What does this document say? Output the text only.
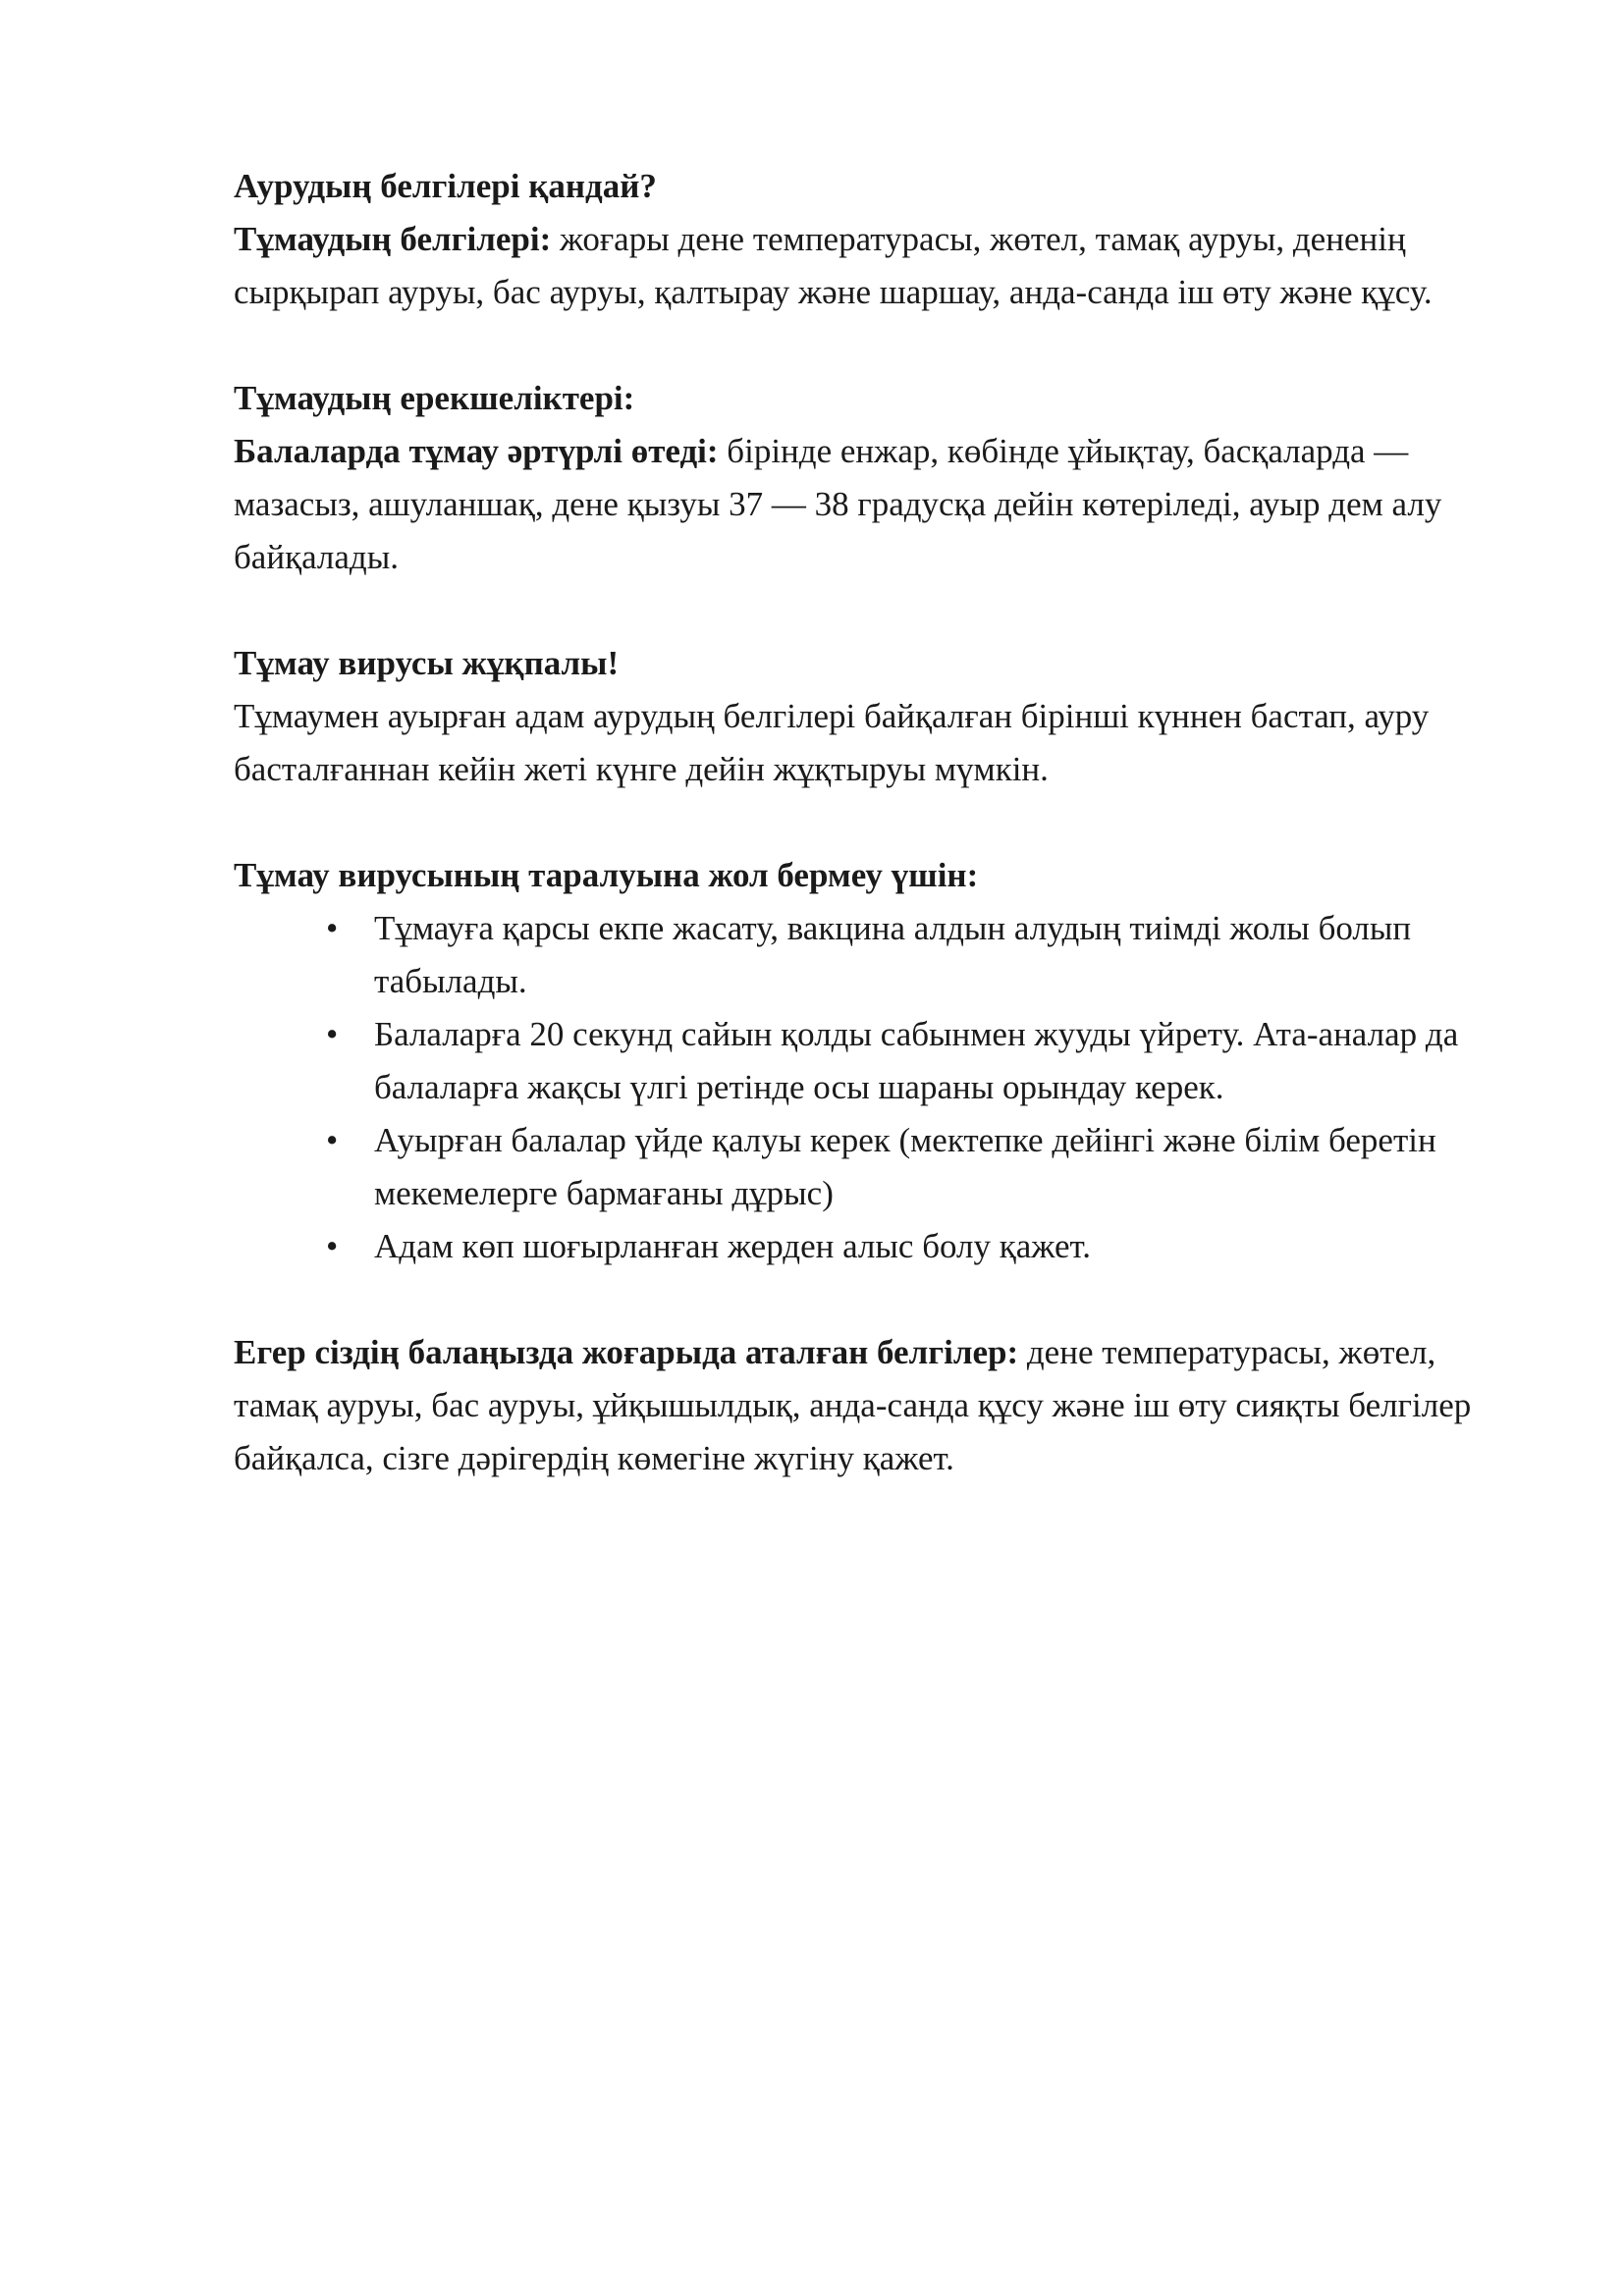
Аурудың белгілері қандай?

Тұмаудың белгілері: жоғары дене температурасы, жөтел, тамақ ауруы, дененің сырқырап ауруы, бас ауруы, қалтырау және шаршау, анда-санда іш өту және құсу.

Тұмаудың ерекшеліктері:

Балаларда тұмау әртүрлі өтеді: бірінде енжар, көбінде ұйықтау, басқаларда — мазасыз, ашуланшақ, дене қызуы 37 — 38 градусқа дейін көтеріледі, ауыр дем алу байқалады.

Тұмау вирусы жұқпалы!

Тұмаумен ауырған адам аурудың белгілері байқалған бірінші күннен бастап, ауру басталғаннан кейін жеті күнге дейін жұқтыруы мүмкін.

Тұмау вирусының таралуына жол бермеу үшін:

• Тұмауға қарсы екпе жасату, вакцина алдын алудың тиімді жолы болып табылады.
• Балаларға 20 секунд сайын қолды сабынмен жууды үйрету. Ата-аналар да балаларға жақсы үлгі ретінде осы шараны орындау керек.
• Ауырған балалар үйде қалуы керек (мектепке дейінгі және білім беретін мекемелерге бармағаны дұрыс)
• Адам көп шоғырланған жерден алыс болу қажет.

Егер сіздің балаңызда жоғарыда аталған белгілер: дене температурасы, жөтел, тамақ ауруы, бас ауруы, ұйқышылдық, анда-санда құсу және іш өту сияқты белгілер байқалса, сізге дәрігердің көмегіне жүгіну қажет.
